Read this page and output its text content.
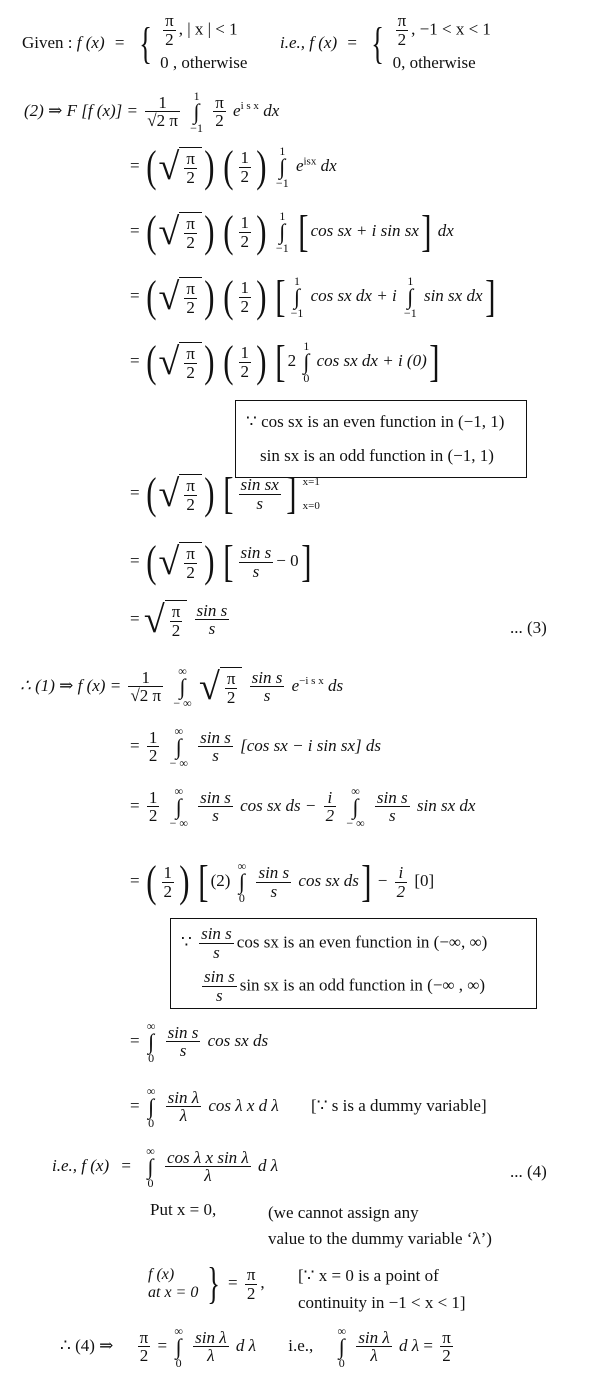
Given : f (x) = { $\frac{\pi}{2}$ , | x | < 1
0 , otherwise
i.e., f (x) = { $\frac{\pi}{2}$ , −1 < x < 1
0, otherwise
(2) ⇒ F [f $(x)] = \frac{1}{√2 \pi}$
1
∫
−1
$\frac{\pi}{2} e^{i s x}$ dx
= (√ $\frac{\pi}{2}$ ) ( $\frac{1}{2}$ ) 1
∫
−1
$e^{isx}$ dx
= (√ $\frac{\pi}{2}$ ) ( $\frac{1}{2}$ ) 1
∫
−1 [ cos sx + i sin sx] dx
= (√ $\frac{\pi}{2}$ ) ( $\frac{1}{2}$ ) [ 1
∫
−1
cos sx dx + i
1
∫
−1
sin sx dx]
= (√ $\frac{\pi}{2}$ ) ( $\frac{1}{2}$ ) [ 2
1
∫
0
cos sx dx + i (0)]
∵ cos sx is an even function in (−1, 1)
sin sx is an odd function in (−1, 1)
= (√ $\frac{\pi}{2}$ ) [ $\frac{\text{sin sx}}{s}$ ] x=1
x=0
= (√ $\frac{\pi}{2}$ ) [ $\frac{\text{sin s}}{s} - 0$]
= √ $\frac{\pi}{2}$
$\frac{\text{sin s}}{s}$	... (3)
∴ (1) ⇒ f $(x) = \frac{1}{√2 \pi}$
	∞
∫
− ∞ √ $\frac{\pi}{2}$
$\frac{\text{sin s}}{s} e^{-i s x}$ ds
= $\frac{1}{2}$
	∞
∫
− ∞
$\frac{\text{sin s}}{s} [\cos$ sx − i sin sx] ds
= $\frac{1}{2}$
	∞
∫
− ∞
$\frac{\text{sin s}}{s}$ cos sx ds − $\frac{i}{2}$
	∞
∫
− ∞
$\frac{\text{sin s}}{s}$ sin sx dx
= ( $\frac{1}{2}$ ) [ (2)
∞
∫
0
$\frac{\text{sin s}}{s}$ cos sx $ds] - \frac{i}{2} [0]$
∵ $\frac{\text{sin s}}{s}$ cos sx is an even function in (−∞, ∞)
$\frac{\text{sin s}}{s}$ sin sx is an odd function in (−∞ , ∞)
=
∞
∫
0
$\frac{\text{sin s}}{s}$ cos sx ds
=
∞
∫
0
$\frac{\text{sin λ}}{\lambda}$ cos λ x d λ [∵ s is a dummy variable]
i.e., f (x) =
∞
∫
0
$\frac{\text{cos λ x sin λ}}{\lambda}$ d λ	... (4)
Put x = 0,	(we cannot assign any
value to the dummy variable ‘λ’)
f (x)
at x = 0 } = $\frac{\pi}{2}$ , [∵ x = 0 is a point of
continuity in −1 < x < 1]
∴ (4) ⇒ $\frac{\pi}{2}$ =
∞
∫
0
$\frac{\text{sin λ}}{\lambda}$ d λ i.e.,
∞
∫
0
$\frac{\text{sin λ}}{\lambda}$ d $\lambda = \frac{\pi}{2}$
